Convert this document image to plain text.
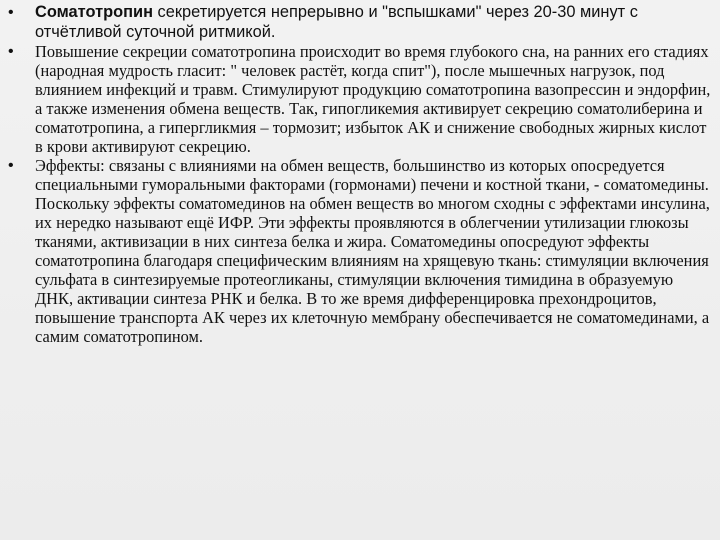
•	Соматотропин секретируется непрерывно и "вспышками" через 20-30 минут с отчётливой суточной ритмикой.
•	Повышение секреции соматотропина происходит во время глубокого сна, на ранних его стадиях (народная мудрость гласит: " человек растёт, когда спит"), после мышечных нагрузок, под влиянием инфекций и травм. Стимулируют продукцию соматотропина вазопрессин и эндорфин, а также изменения обмена веществ. Так, гипогликемия активирует секрецию соматолиберина и соматотропина, а гипергликмия – тормозит; избыток АК и снижение свободных жирных кислот в крови активируют секрецию.
•	Эффекты: связаны с влияниями на обмен веществ, большинство из которых опосредуется специальными гуморальными факторами (гормонами) печени и костной ткани, - соматомедины. Поскольку эффекты соматомединов на обмен веществ во многом сходны с эффектами инсулина, их нередко называют ещё ИФР. Эти эффекты проявляются в облегчении утилизации глюкозы тканями, активизации в них синтеза белка и жира. Соматомедины опосредуют эффекты соматотропина благодаря специфическим влияниям на хрящевую ткань: стимуляции включения сульфата в синтезируемые протеогликаны, стимуляции включения тимидина в образуемую ДНК, активации синтеза РНК и белка. В то же время дифференцировка прехондроцитов, повышение транспорта АК через их клеточную мембрану обеспечивается не соматомединами, а самим соматотропином.
